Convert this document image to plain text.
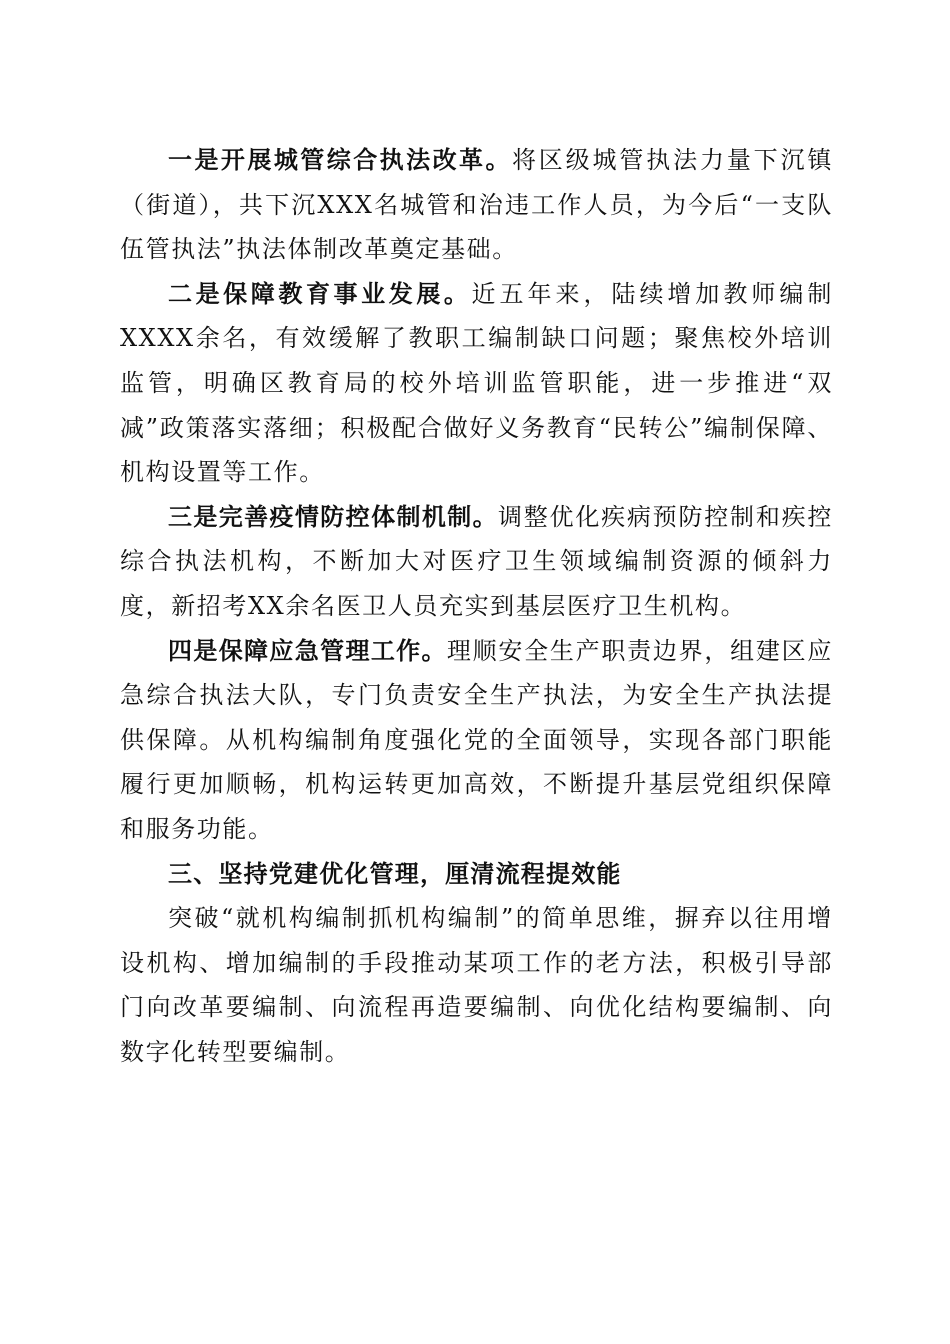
一是开展城管综合执法改革。将区级城管执法力量下沉镇（街道），共下沉XXX名城管和治违工作人员，为今后“一支队伍管执法”执法体制改革奠定基础。

二是保障教育事业发展。近五年来，陆续增加教师编制XXXX余名，有效缓解了教职工编制缺口问题；聚焦校外培训监管，明确区教育局的校外培训监管职能，进一步推进“双减”政策落实落细；积极配合做好义务教育“民转公”编制保障、机构设置等工作。

三是完善疫情防控体制机制。调整优化疾病预防控制和疾控综合执法机构，不断加大对医疗卫生领域编制资源的倾斜力度，新招考XX余名医卫人员充实到基层医疗卫生机构。

四是保障应急管理工作。理顺安全生产职责边界，组建区应急综合执法大队，专门负责安全生产执法，为安全生产执法提供保障。从机构编制角度强化党的全面领导，实现各部门职能履行更加顺畅，机构运转更加高效，不断提升基层党组织保障和服务功能。

三、坚持党建优化管理，厘清流程提效能

突破“就机构编制抓机构编制”的简单思维，摒弃以往用增设机构、增加编制的手段推动某项工作的老方法，积极引导部门向改革要编制、向流程再造要编制、向优化结构要编制、向数字化转型要编制。
